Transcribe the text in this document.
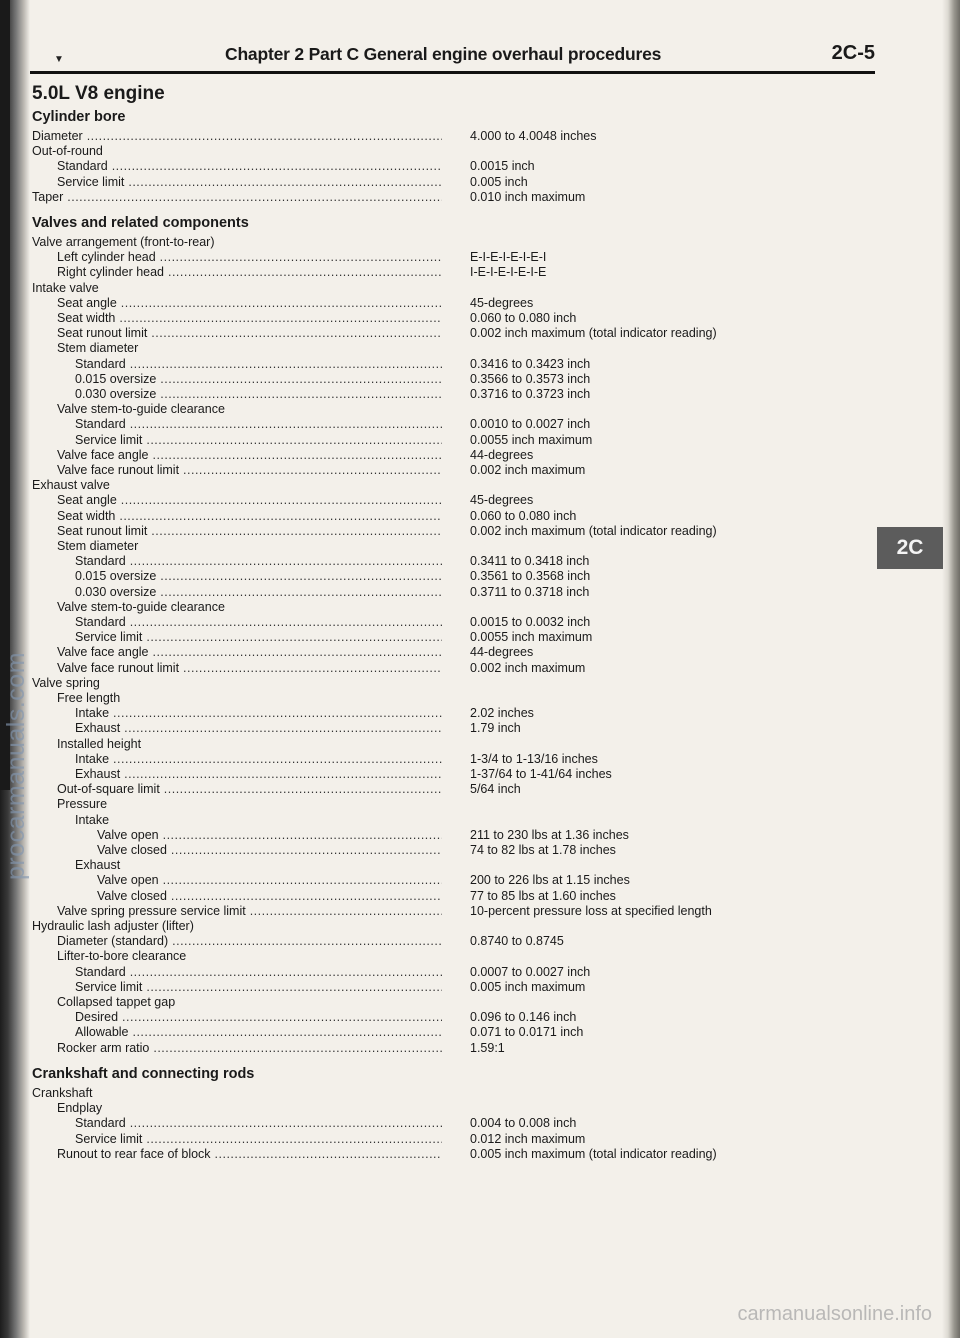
▼	Chapter 2 Part C General engine overhaul procedures	2C-5
2C
5.0L V8 engine
Cylinder bore
Diameter .....	4.000 to 4.0048 inches
Out-of-round
Standard .....	0.0015 inch
Service limit .....	0.005 inch
Taper .....	0.010 inch maximum
Valves and related components
Valve arrangement (front-to-rear)
Left cylinder head .....	E-I-E-I-E-I-E-I
Right cylinder head .....	I-E-I-E-I-E-I-E
Intake valve
Seat angle .....	45-degrees
Seat width .....	0.060 to 0.080 inch
Seat runout limit .....	0.002 inch maximum (total indicator reading)
Stem diameter
Standard .....	0.3416 to 0.3423 inch
0.015 oversize .....	0.3566 to 0.3573 inch
0.030 oversize .....	0.3716 to 0.3723 inch
Valve stem-to-guide clearance
Standard .....	0.0010 to 0.0027 inch
Service limit .....	0.0055 inch maximum
Valve face angle .....	44-degrees
Valve face runout limit .....	0.002 inch maximum
Exhaust valve
Seat angle .....	45-degrees
Seat width .....	0.060 to 0.080 inch
Seat runout limit .....	0.002 inch maximum (total indicator reading)
Stem diameter
Standard .....	0.3411 to 0.3418 inch
0.015 oversize .....	0.3561 to 0.3568 inch
0.030 oversize .....	0.3711 to 0.3718 inch
Valve stem-to-guide clearance
Standard .....	0.0015 to 0.0032 inch
Service limit .....	0.0055 inch maximum
Valve face angle .....	44-degrees
Valve face runout limit .....	0.002 inch maximum
Valve spring
Free length
Intake .....	2.02 inches
Exhaust .....	1.79 inch
Installed height
Intake .....	1-3/4 to 1-13/16 inches
Exhaust .....	1-37/64 to 1-41/64 inches
Out-of-square limit .....	5/64 inch
Pressure
Intake
Valve open .....	211 to 230 lbs at 1.36 inches
Valve closed .....	74 to 82 lbs at 1.78 inches
Exhaust
Valve open .....	200 to 226 lbs at 1.15 inches
Valve closed .....	77 to 85 lbs at 1.60 inches
Valve spring pressure service limit .....	10-percent pressure loss at specified length
Hydraulic lash adjuster (lifter)
Diameter (standard) .....	0.8740 to 0.8745
Lifter-to-bore clearance
Standard .....	0.0007 to 0.0027 inch
Service limit .....	0.005 inch maximum
Collapsed tappet gap
Desired .....	0.096 to 0.146 inch
Allowable .....	0.071 to 0.0171 inch
Rocker arm ratio .....	1.59:1
Crankshaft and connecting rods
Crankshaft
Endplay
Standard .....	0.004 to 0.008 inch
Service limit .....	0.012 inch maximum
Runout to rear face of block .....	0.005 inch maximum (total indicator reading)
carmanualsonline.info
